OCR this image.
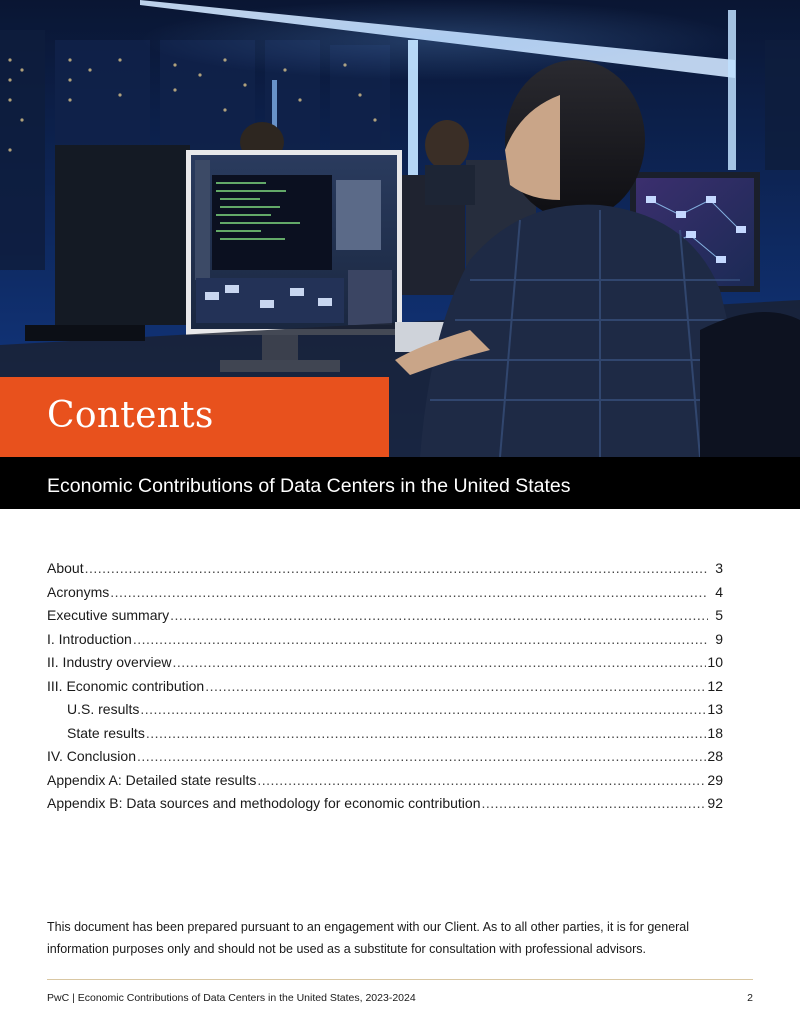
Contents
Economic Contributions of Data Centers in the United States
About .....	3
Acronyms .....	4
Executive summary .....	5
I. Introduction .....	9
II. Industry overview .....	10
III. Economic contribution .....	12
U.S. results .....	13
State results .....	18
IV. Conclusion .....	28
Appendix A: Detailed state results .....	29
Appendix B: Data sources and methodology for economic contribution .....	92
This document has been prepared pursuant to an engagement with our Client. As to all other parties, it is for general information purposes only and should not be used as a substitute for consultation with professional advisors.
PwC | Economic Contributions of Data Centers in the United States, 2023-2024	2
